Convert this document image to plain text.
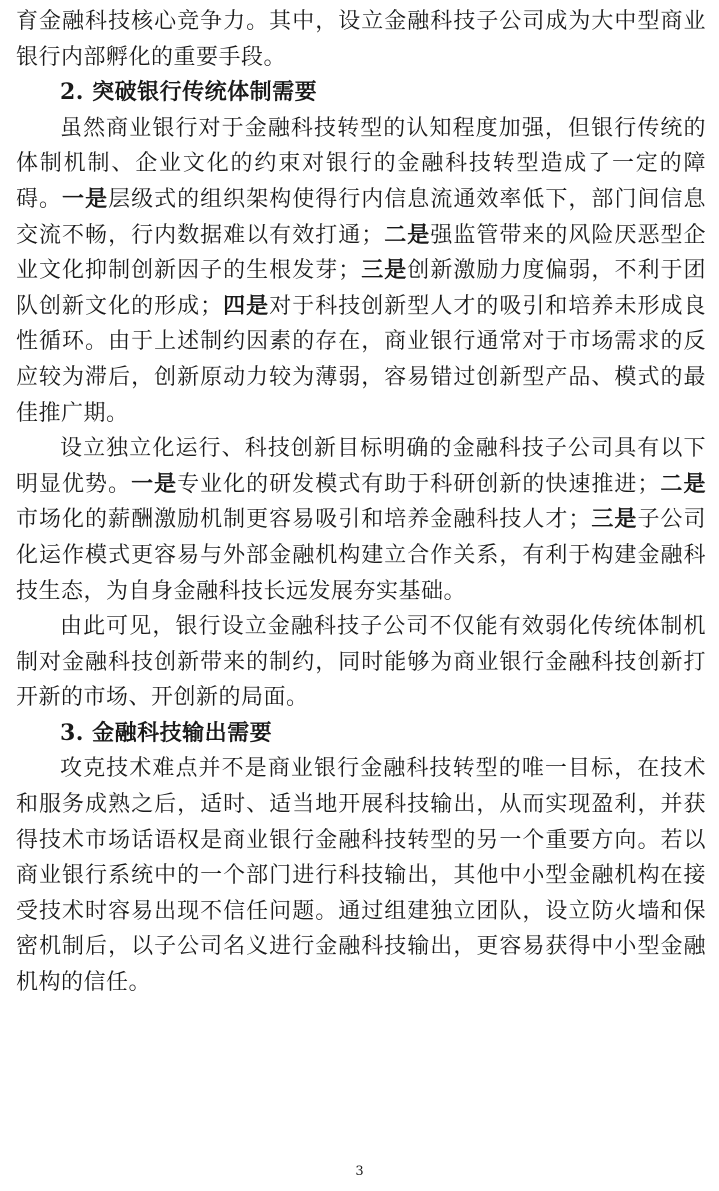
育金融科技核心竞争力。其中，设立金融科技子公司成为大中型商业银行内部孵化的重要手段。

2. 突破银行传统体制需要

虽然商业银行对于金融科技转型的认知程度加强，但银行传统的体制机制、企业文化的约束对银行的金融科技转型造成了一定的障碍。一是层级式的组织架构使得行内信息流通效率低下，部门间信息交流不畅，行内数据难以有效打通；二是强监管带来的风险厌恶型企业文化抑制创新因子的生根发芽；三是创新激励力度偏弱，不利于团队创新文化的形成；四是对于科技创新型人才的吸引和培养未形成良性循环。由于上述制约因素的存在，商业银行通常对于市场需求的反应较为滞后，创新原动力较为薄弱，容易错过创新型产品、模式的最佳推广期。

设立独立化运行、科技创新目标明确的金融科技子公司具有以下明显优势。一是专业化的研发模式有助于科研创新的快速推进；二是市场化的薪酬激励机制更容易吸引和培养金融科技人才；三是子公司化运作模式更容易与外部金融机构建立合作关系，有利于构建金融科技生态，为自身金融科技长远发展夯实基础。

由此可见，银行设立金融科技子公司不仅能有效弱化传统体制机制对金融科技创新带来的制约，同时能够为商业银行金融科技创新打开新的市场、开创新的局面。

3. 金融科技输出需要

攻克技术难点并不是商业银行金融科技转型的唯一目标，在技术和服务成熟之后，适时、适当地开展科技输出，从而实现盈利，并获得技术市场话语权是商业银行金融科技转型的另一个重要方向。若以商业银行系统中的一个部门进行科技输出，其他中小型金融机构在接受技术时容易出现不信任问题。通过组建独立团队，设立防火墙和保密机制后，以子公司名义进行金融科技输出，更容易获得中小型金融机构的信任。

3
